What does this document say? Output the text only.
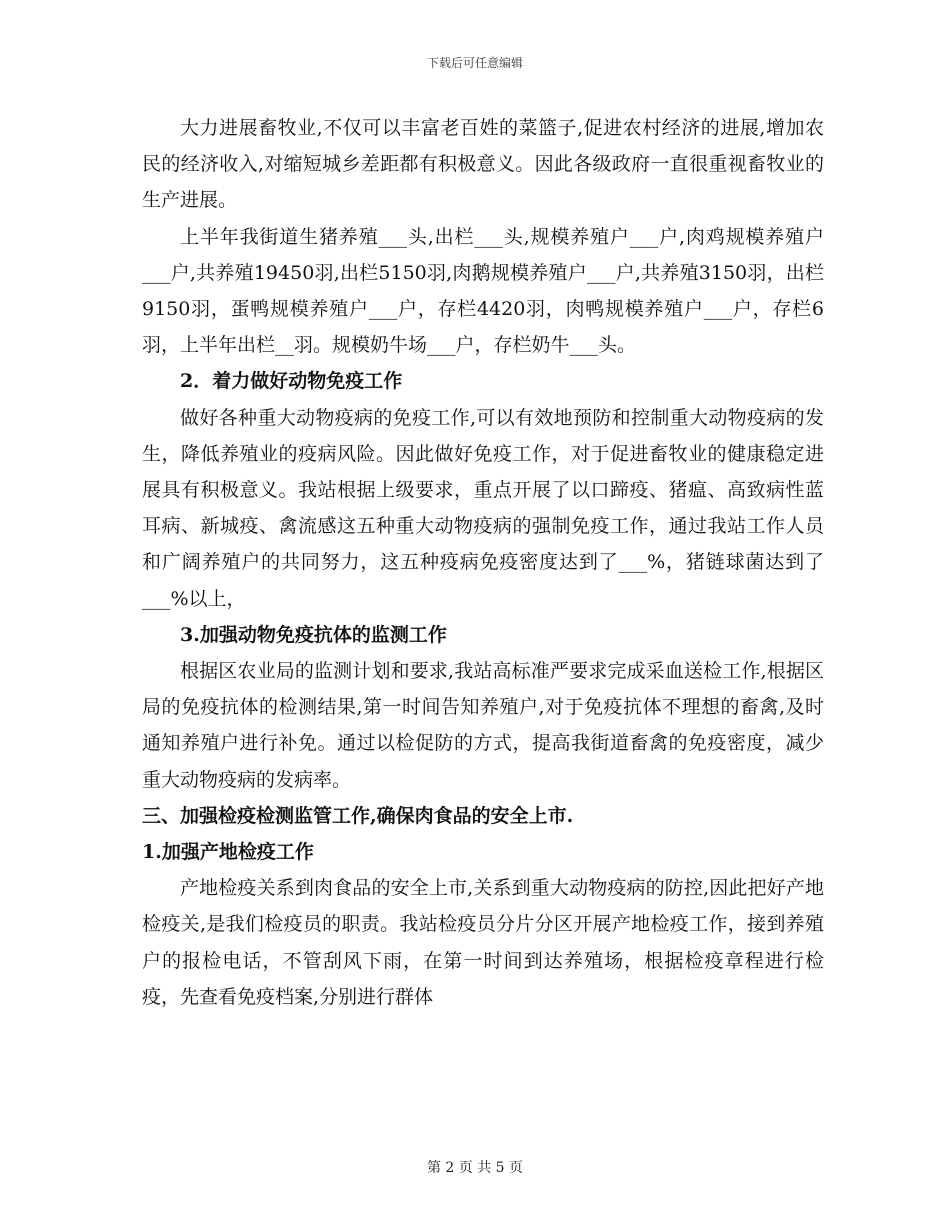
下载后可任意编辑

大力进展畜牧业,不仅可以丰富老百姓的菜篮子,促进农村经济的进展,增加农民的经济收入,对缩短城乡差距都有积极意义。因此各级政府一直很重视畜牧业的生产进展。

上半年我街道生猪养殖___头,出栏___头,规模养殖户___户,肉鸡规模养殖户___户,共养殖19450羽,出栏5150羽,肉鹅规模养殖户___户,共养殖3150羽，出栏9150羽，蛋鸭规模养殖户___户，存栏4420羽，肉鸭规模养殖户___户，存栏6羽，上半年出栏__羽。规模奶牛场___户，存栏奶牛___头。

2．着力做好动物免疫工作

做好各种重大动物疫病的免疫工作,可以有效地预防和控制重大动物疫病的发生，降低养殖业的疫病风险。因此做好免疫工作，对于促进畜牧业的健康稳定进展具有积极意义。我站根据上级要求，重点开展了以口蹄疫、猪瘟、高致病性蓝耳病、新城疫、禽流感这五种重大动物疫病的强制免疫工作，通过我站工作人员和广阔养殖户的共同努力，这五种疫病免疫密度达到了___%，猪链球菌达到了___%以上，

3.加强动物免疫抗体的监测工作

根据区农业局的监测计划和要求,我站高标准严要求完成采血送检工作,根据区局的免疫抗体的检测结果,第一时间告知养殖户,对于免疫抗体不理想的畜禽,及时通知养殖户进行补免。通过以检促防的方式，提高我街道畜禽的免疫密度，减少重大动物疫病的发病率。

三、加强检疫检测监管工作,确保肉食品的安全上市.

1.加强产地检疫工作

产地检疫关系到肉食品的安全上市,关系到重大动物疫病的防控,因此把好产地检疫关,是我们检疫员的职责。我站检疫员分片分区开展产地检疫工作，接到养殖户的报检电话，不管刮风下雨，在第一时间到达养殖场，根据检疫章程进行检疫，先查看免疫档案,分别进行群体

第 2 页 共 5 页
